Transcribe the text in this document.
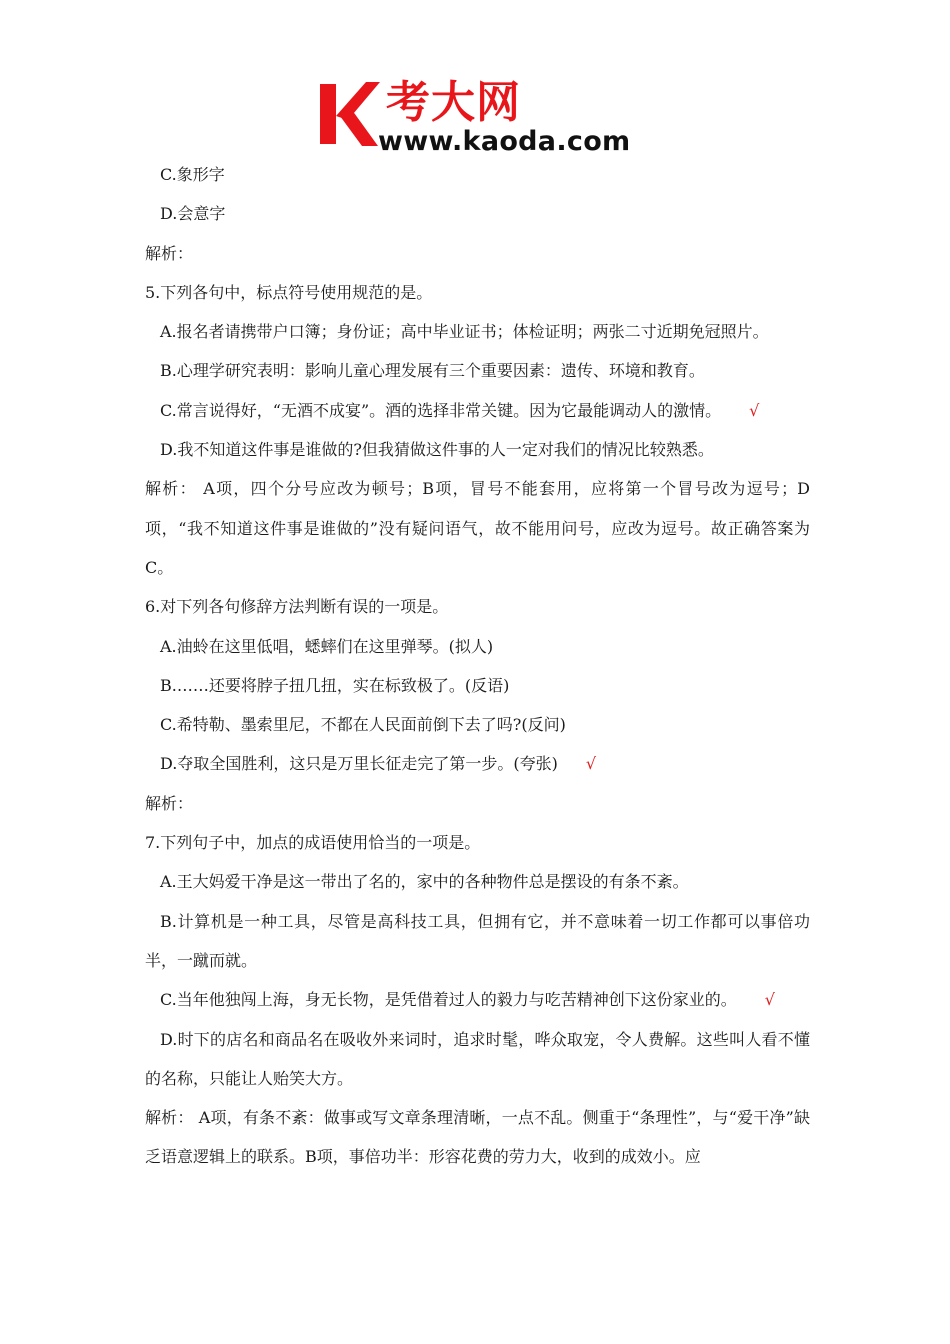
考大网
www.kaoda.com
C.象形字
D.会意字
解析：
5.下列各句中，标点符号使用规范的是。
A.报名者请携带户口簿；身份证；高中毕业证书；体检证明；两张二寸近期免冠照片。
B.心理学研究表明：影响儿童心理发展有三个重要因素：遗传、环境和教育。
C.常言说得好，“无酒不成宴”。酒的选择非常关键。因为它最能调动人的激情。 √
D.我不知道这件事是谁做的?但我猜做这件事的人一定对我们的情况比较熟悉。
解析： A项，四个分号应改为顿号；B项，冒号不能套用，应将第一个冒号改为逗号；D项，“我不知道这件事是谁做的”没有疑问语气，故不能用问号，应改为逗号。故正确答案为C。
6.对下列各句修辞方法判断有误的一项是。
A.油蛉在这里低唱，蟋蟀们在这里弹琴。(拟人)
B.……还要将脖子扭几扭，实在标致极了。(反语)
C.希特勒、墨索里尼，不都在人民面前倒下去了吗?(反问)
D.夺取全国胜利，这只是万里长征走完了第一步。(夸张) √
解析：
7.下列句子中，加点的成语使用恰当的一项是。
A.王大妈爱干净是这一带出了名的，家中的各种物件总是摆设的有条不紊。
B.计算机是一种工具，尽管是高科技工具，但拥有它，并不意味着一切工作都可以事倍功半，一蹴而就。
C.当年他独闯上海，身无长物，是凭借着过人的毅力与吃苦精神创下这份家业的。 √
D.时下的店名和商品名在吸收外来词时，追求时髦，哗众取宠，令人费解。这些叫人看不懂的名称，只能让人贻笑大方。
解析： A项，有条不紊：做事或写文章条理清晰，一点不乱。侧重于“条理性”，与“爱干净”缺乏语意逻辑上的联系。B项，事倍功半：形容花费的劳力大，收到的成效小。应
